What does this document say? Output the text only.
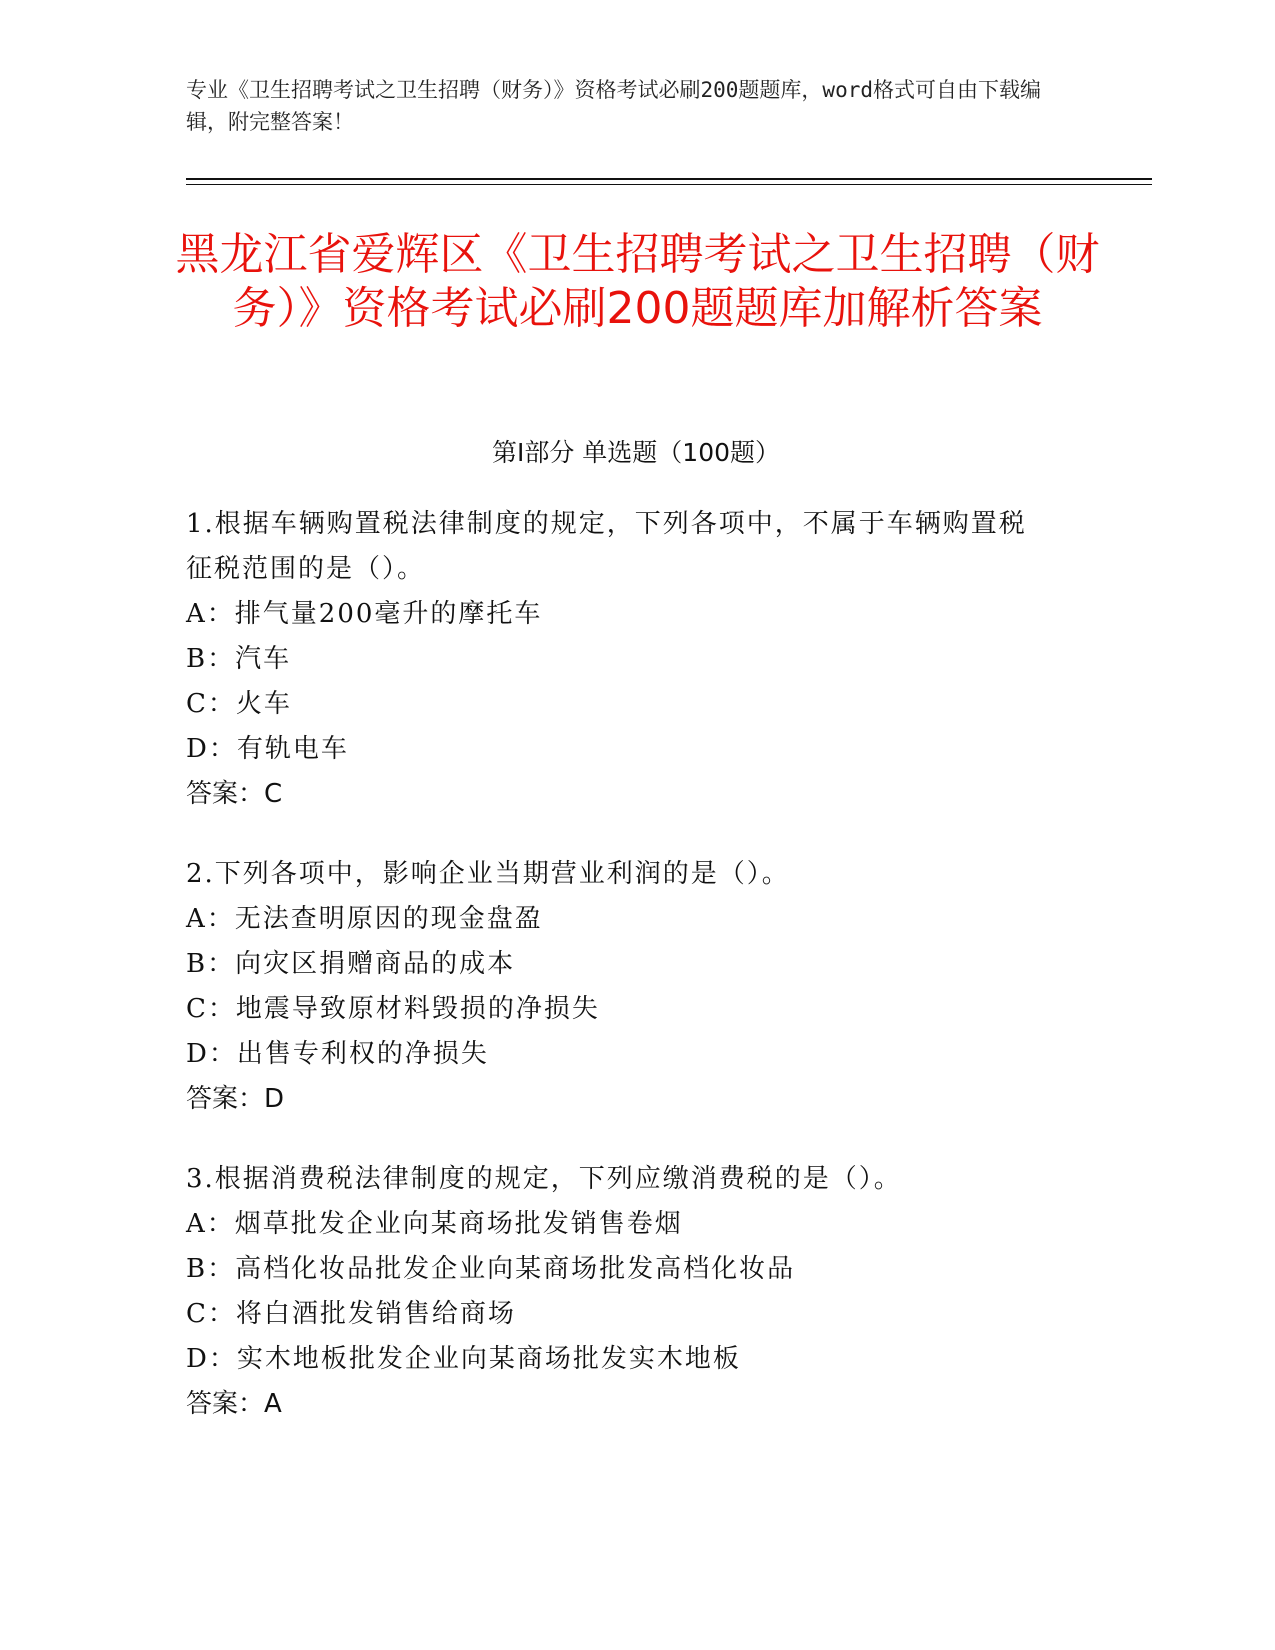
专业《卫生招聘考试之卫生招聘（财务）》资格考试必刷200题题库，word格式可自由下载编辑，附完整答案！
黑龙江省爱辉区《卫生招聘考试之卫生招聘（财务）》资格考试必刷200题题库加解析答案
第I部分 单选题（100题）
1.根据车辆购置税法律制度的规定，下列各项中，不属于车辆购置税征税范围的是（）。
A：排气量200毫升的摩托车
B：汽车
C：火车
D：有轨电车
答案：C
2.下列各项中，影响企业当期营业利润的是（）。
A：无法查明原因的现金盘盈
B：向灾区捐赠商品的成本
C：地震导致原材料毁损的净损失
D：出售专利权的净损失
答案：D
3.根据消费税法律制度的规定，下列应缴消费税的是（）。
A：烟草批发企业向某商场批发销售卷烟
B：高档化妆品批发企业向某商场批发高档化妆品
C：将白酒批发销售给商场
D：实木地板批发企业向某商场批发实木地板
答案：A
